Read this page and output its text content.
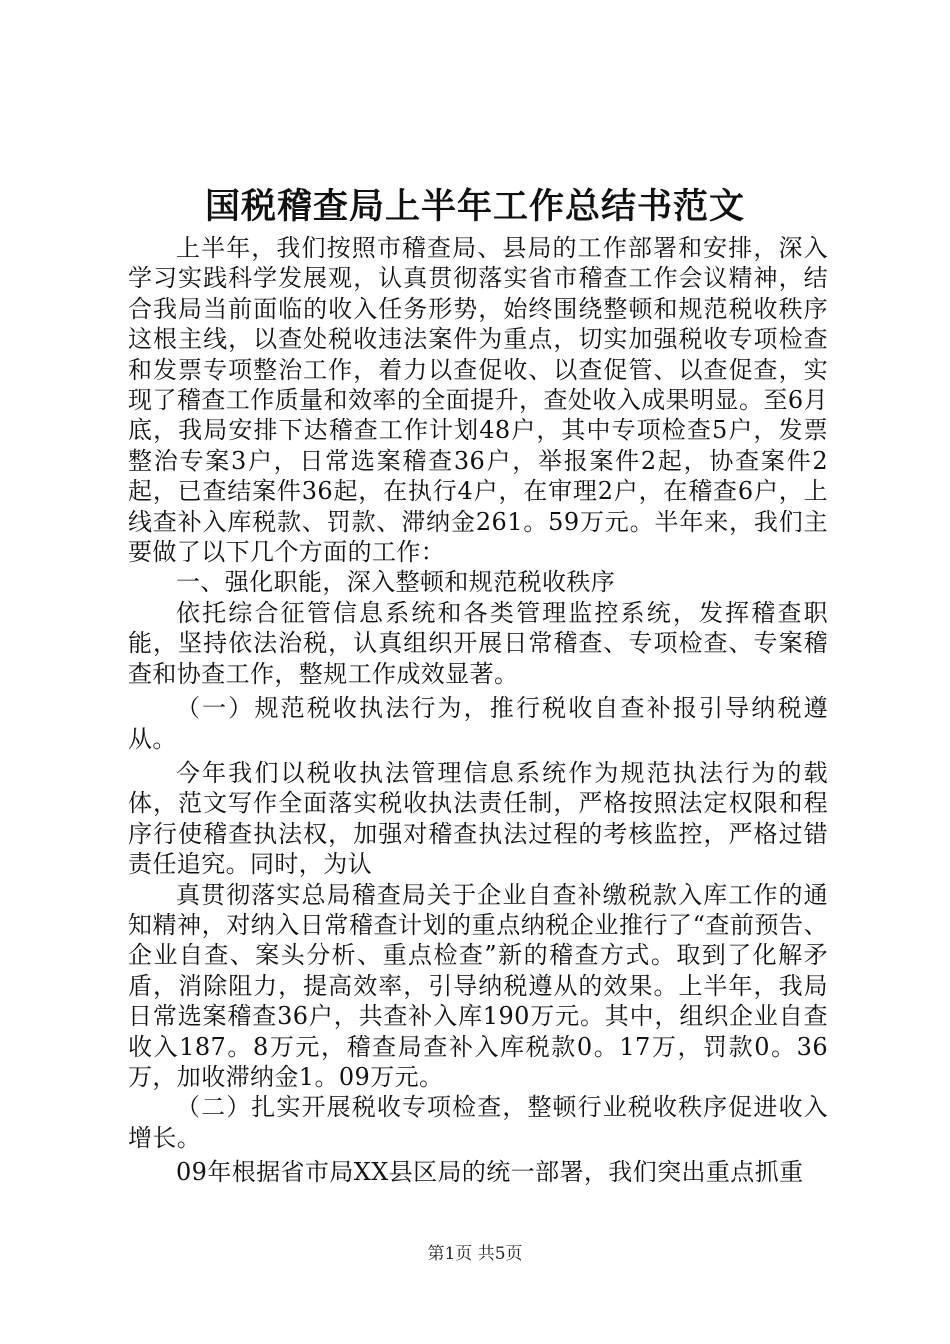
国税稽查局上半年工作总结书范文

上半年，我们按照市稽查局、县局的工作部署和安排，深入学习实践科学发展观，认真贯彻落实省市稽查工作会议精神，结合我局当前面临的收入任务形势，始终围绕整顿和规范税收秩序这根主线，以查处税收违法案件为重点，切实加强税收专项检查和发票专项整治工作，着力以查促收、以查促管、以查促查，实现了稽查工作质量和效率的全面提升，查处收入成果明显。至6月底，我局安排下达稽查工作计划48户，其中专项检查5户，发票整治专案3户，日常选案稽查36户，举报案件2起，协查案件2起，已查结案件36起，在执行4户，在审理2户，在稽查6户，上线查补入库税款、罚款、滞纳金261。59万元。半年来，我们主要做了以下几个方面的工作：

一、强化职能，深入整顿和规范税收秩序

依托综合征管信息系统和各类管理监控系统，发挥稽查职能，坚持依法治税，认真组织开展日常稽查、专项检查、专案稽查和协查工作，整规工作成效显著。

（一）规范税收执法行为，推行税收自查补报引导纳税遵从。

今年我们以税收执法管理信息系统作为规范执法行为的载体，范文写作全面落实税收执法责任制，严格按照法定权限和程序行使稽查执法权，加强对稽查执法过程的考核监控，严格过错责任追究。同时，为认

真贯彻落实总局稽查局关于企业自查补缴税款入库工作的通知精神，对纳入日常稽查计划的重点纳税企业推行了“查前预告、企业自查、案头分析、重点检查”新的稽查方式。取到了化解矛盾，消除阻力，提高效率，引导纳税遵从的效果。上半年，我局日常选案稽查36户，共查补入库190万元。其中，组织企业自查收入187。8万元，稽查局查补入库税款0。17万，罚款0。36万，加收滞纳金1。09万元。

（二）扎实开展税收专项检查，整顿行业税收秩序促进收入增长。

09年根据省市局XX县区局的统一部署，我们突出重点抓重

第1页 共5页
